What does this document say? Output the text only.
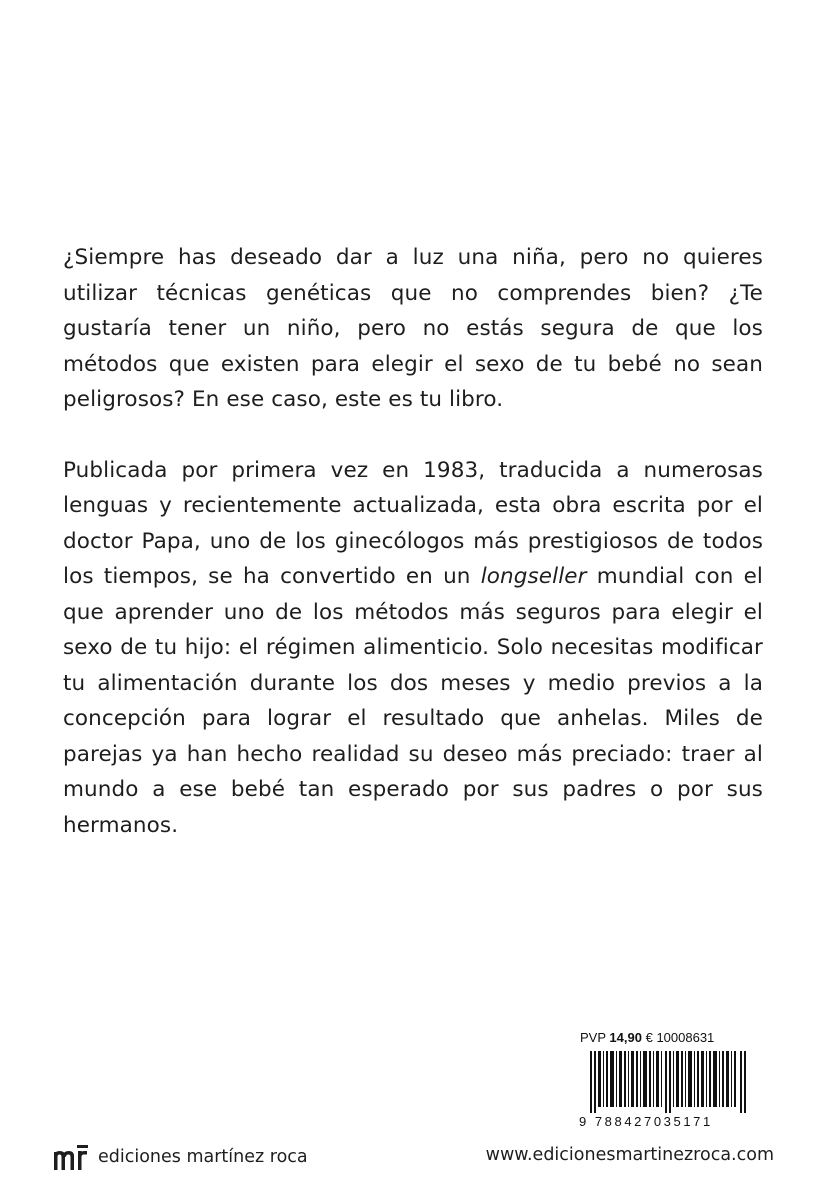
¿Siempre has deseado dar a luz una niña, pero no quieres utilizar técnicas genéticas que no comprendes bien? ¿Te gustaría tener un niño, pero no estás segura de que los métodos que existen para elegir el sexo de tu bebé no sean peligrosos? En ese caso, este es tu libro.

Publicada por primera vez en 1983, traducida a numerosas lenguas y recientemente actualizada, esta obra escrita por el doctor Papa, uno de los ginecólogos más prestigiosos de todos los tiempos, se ha convertido en un longseller mundial con el que aprender uno de los métodos más seguros para elegir el sexo de tu hijo: el régimen alimenticio. Solo necesitas modificar tu alimentación durante los dos meses y medio previos a la concepción para lograr el resultado que anhelas. Miles de parejas ya han hecho realidad su deseo más preciado: traer al mundo a ese bebé tan esperado por sus padres o por sus hermanos.

PVP 14,90 € 10008631
9 788427035171
ediciones martínez roca	www.edicionesmartinezroca.com
